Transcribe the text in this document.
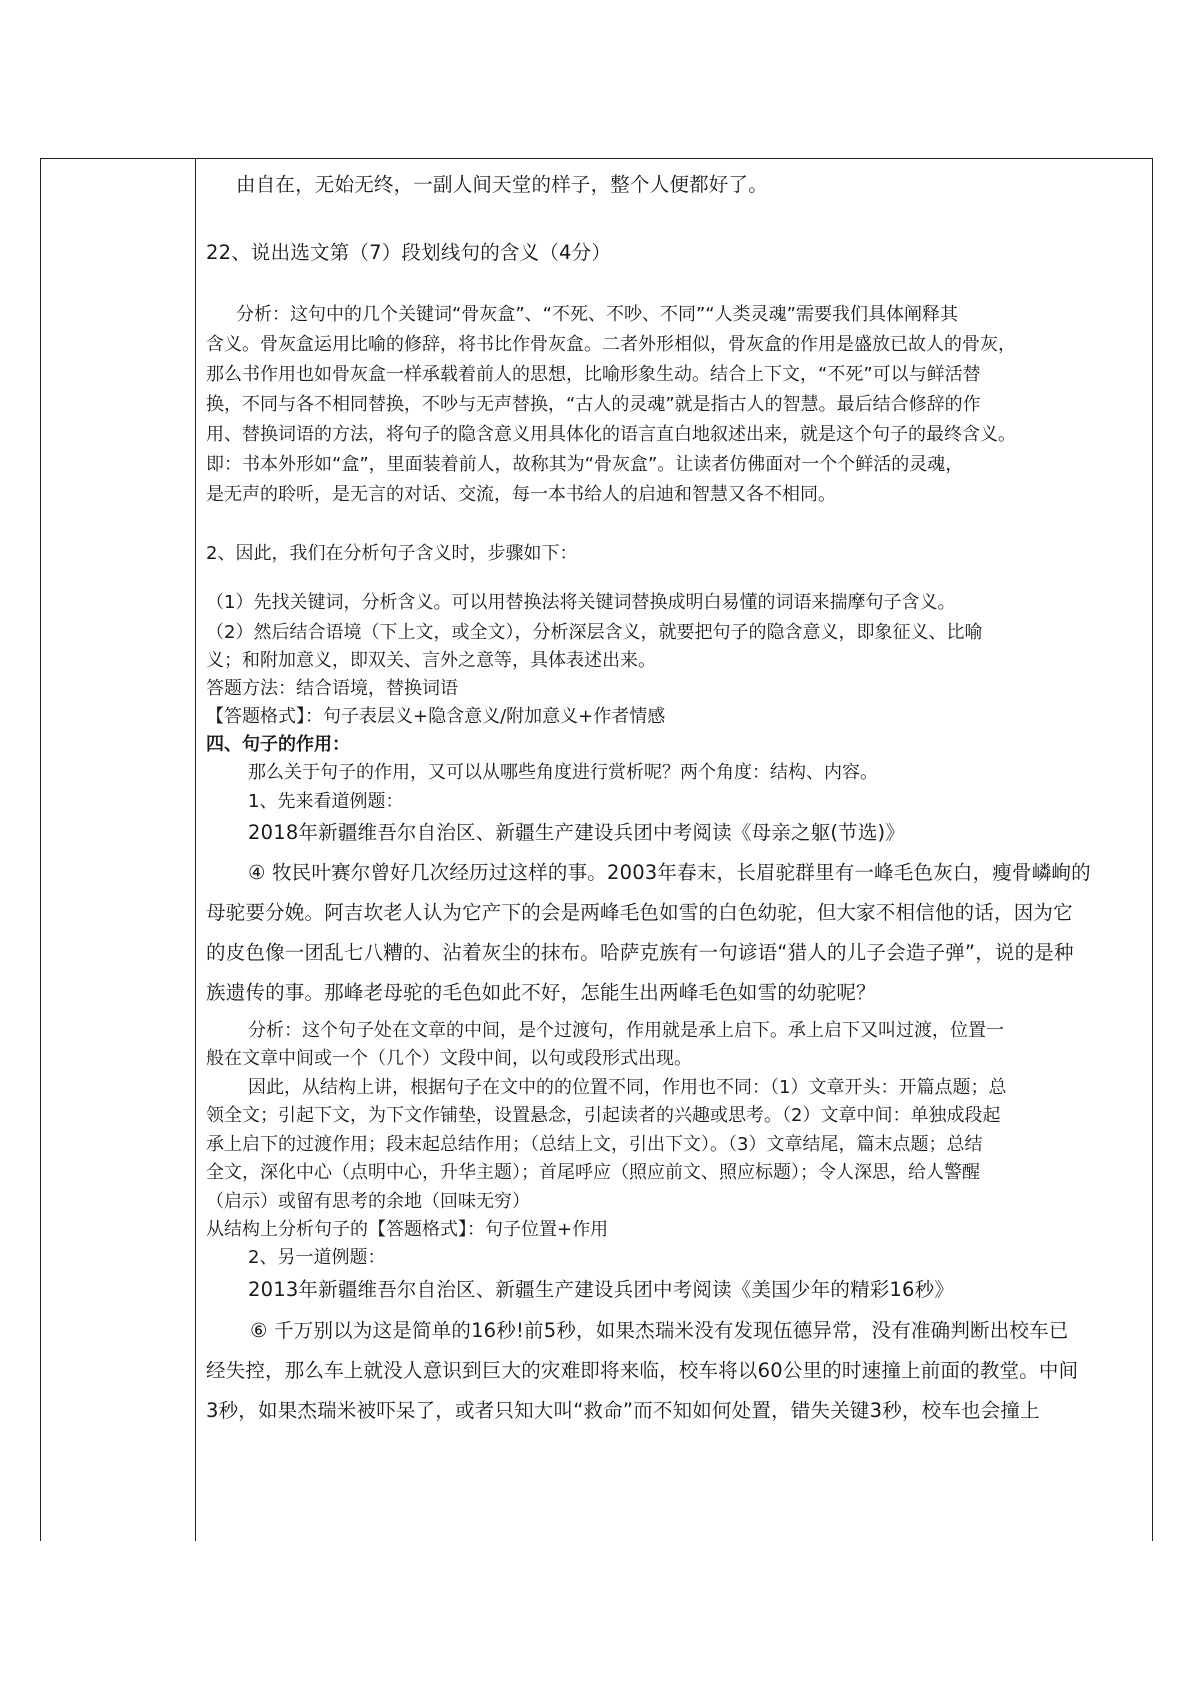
由自在，无始无终，一副人间天堂的样子，整个人便都好了。
22、说出选文第（7）段划线句的含义（4分）
分析：这句中的几个关键词“骨灰盒”、“不死、不吵、不同”“人类灵魂”需要我们具体阐释其
含义。骨灰盒运用比喻的修辞，将书比作骨灰盒。二者外形相似，骨灰盒的作用是盛放已故人的骨灰，
那么书作用也如骨灰盒一样承载着前人的思想，比喻形象生动。结合上下文，“不死”可以与鲜活替
换，不同与各不相同替换，不吵与无声替换，“古人的灵魂”就是指古人的智慧。最后结合修辞的作
用、替换词语的方法，将句子的隐含意义用具体化的语言直白地叙述出来，就是这个句子的最终含义。
即：书本外形如“盒”，里面装着前人，故称其为“骨灰盒”。让读者仿佛面对一个个鲜活的灵魂，
是无声的聆听，是无言的对话、交流，每一本书给人的启迪和智慧又各不相同。
2、因此，我们在分析句子含义时，步骤如下：
（1）先找关键词，分析含义。可以用替换法将关键词替换成明白易懂的词语来揣摩句子含义。
（2）然后结合语境（下上文，或全文），分析深层含义，就要把句子的隐含意义，即象征义、比喻
义；和附加意义，即双关、言外之意等，具体表述出来。
答题方法：结合语境，替换词语
【答题格式】：句子表层义+隐含意义/附加意义+作者情感
四、句子的作用：
那么关于句子的作用，又可以从哪些角度进行赏析呢？两个角度：结构、内容。
1、先来看道例题：
2018年新疆维吾尔自治区、新疆生产建设兵团中考阅读《母亲之躯(节选)》
④ 牧民叶赛尔曾好几次经历过这样的事。2003年春末，长眉驼群里有一峰毛色灰白，瘦骨嶙峋的
母驼要分娩。阿吉坎老人认为它产下的会是两峰毛色如雪的白色幼驼，但大家不相信他的话，因为它
的皮色像一团乱七八糟的、沾着灰尘的抹布。哈萨克族有一句谚语“猎人的儿子会造子弹”，说的是种
族遗传的事。那峰老母驼的毛色如此不好，怎能生出两峰毛色如雪的幼驼呢？
分析：这个句子处在文章的中间，是个过渡句，作用就是承上启下。承上启下又叫过渡，位置一
般在文章中间或一个（几个）文段中间，以句或段形式出现。
因此，从结构上讲，根据句子在文中的的位置不同，作用也不同：（1）文章开头：开篇点题；总
领全文；引起下文，为下文作铺垫，设置悬念，引起读者的兴趣或思考。（2）文章中间：单独成段起
承上启下的过渡作用；段末起总结作用；（总结上文，引出下文）。（3）文章结尾，篇末点题；总结
全文，深化中心（点明中心，升华主题）；首尾呼应（照应前文、照应标题）；令人深思，给人警醒
（启示）或留有思考的余地（回味无穷）
从结构上分析句子的【答题格式】：句子位置+作用
2、另一道例题：
2013年新疆维吾尔自治区、新疆生产建设兵团中考阅读《美国少年的精彩16秒》
⑥ 千万别以为这是简单的16秒!前5秒，如果杰瑞米没有发现伍德异常，没有准确判断出校车已
经失控，那么车上就没人意识到巨大的灾难即将来临，校车将以60公里的时速撞上前面的教堂。中间
3秒，如果杰瑞米被吓呆了，或者只知大叫“救命”而不知如何处置，错失关键3秒，校车也会撞上
